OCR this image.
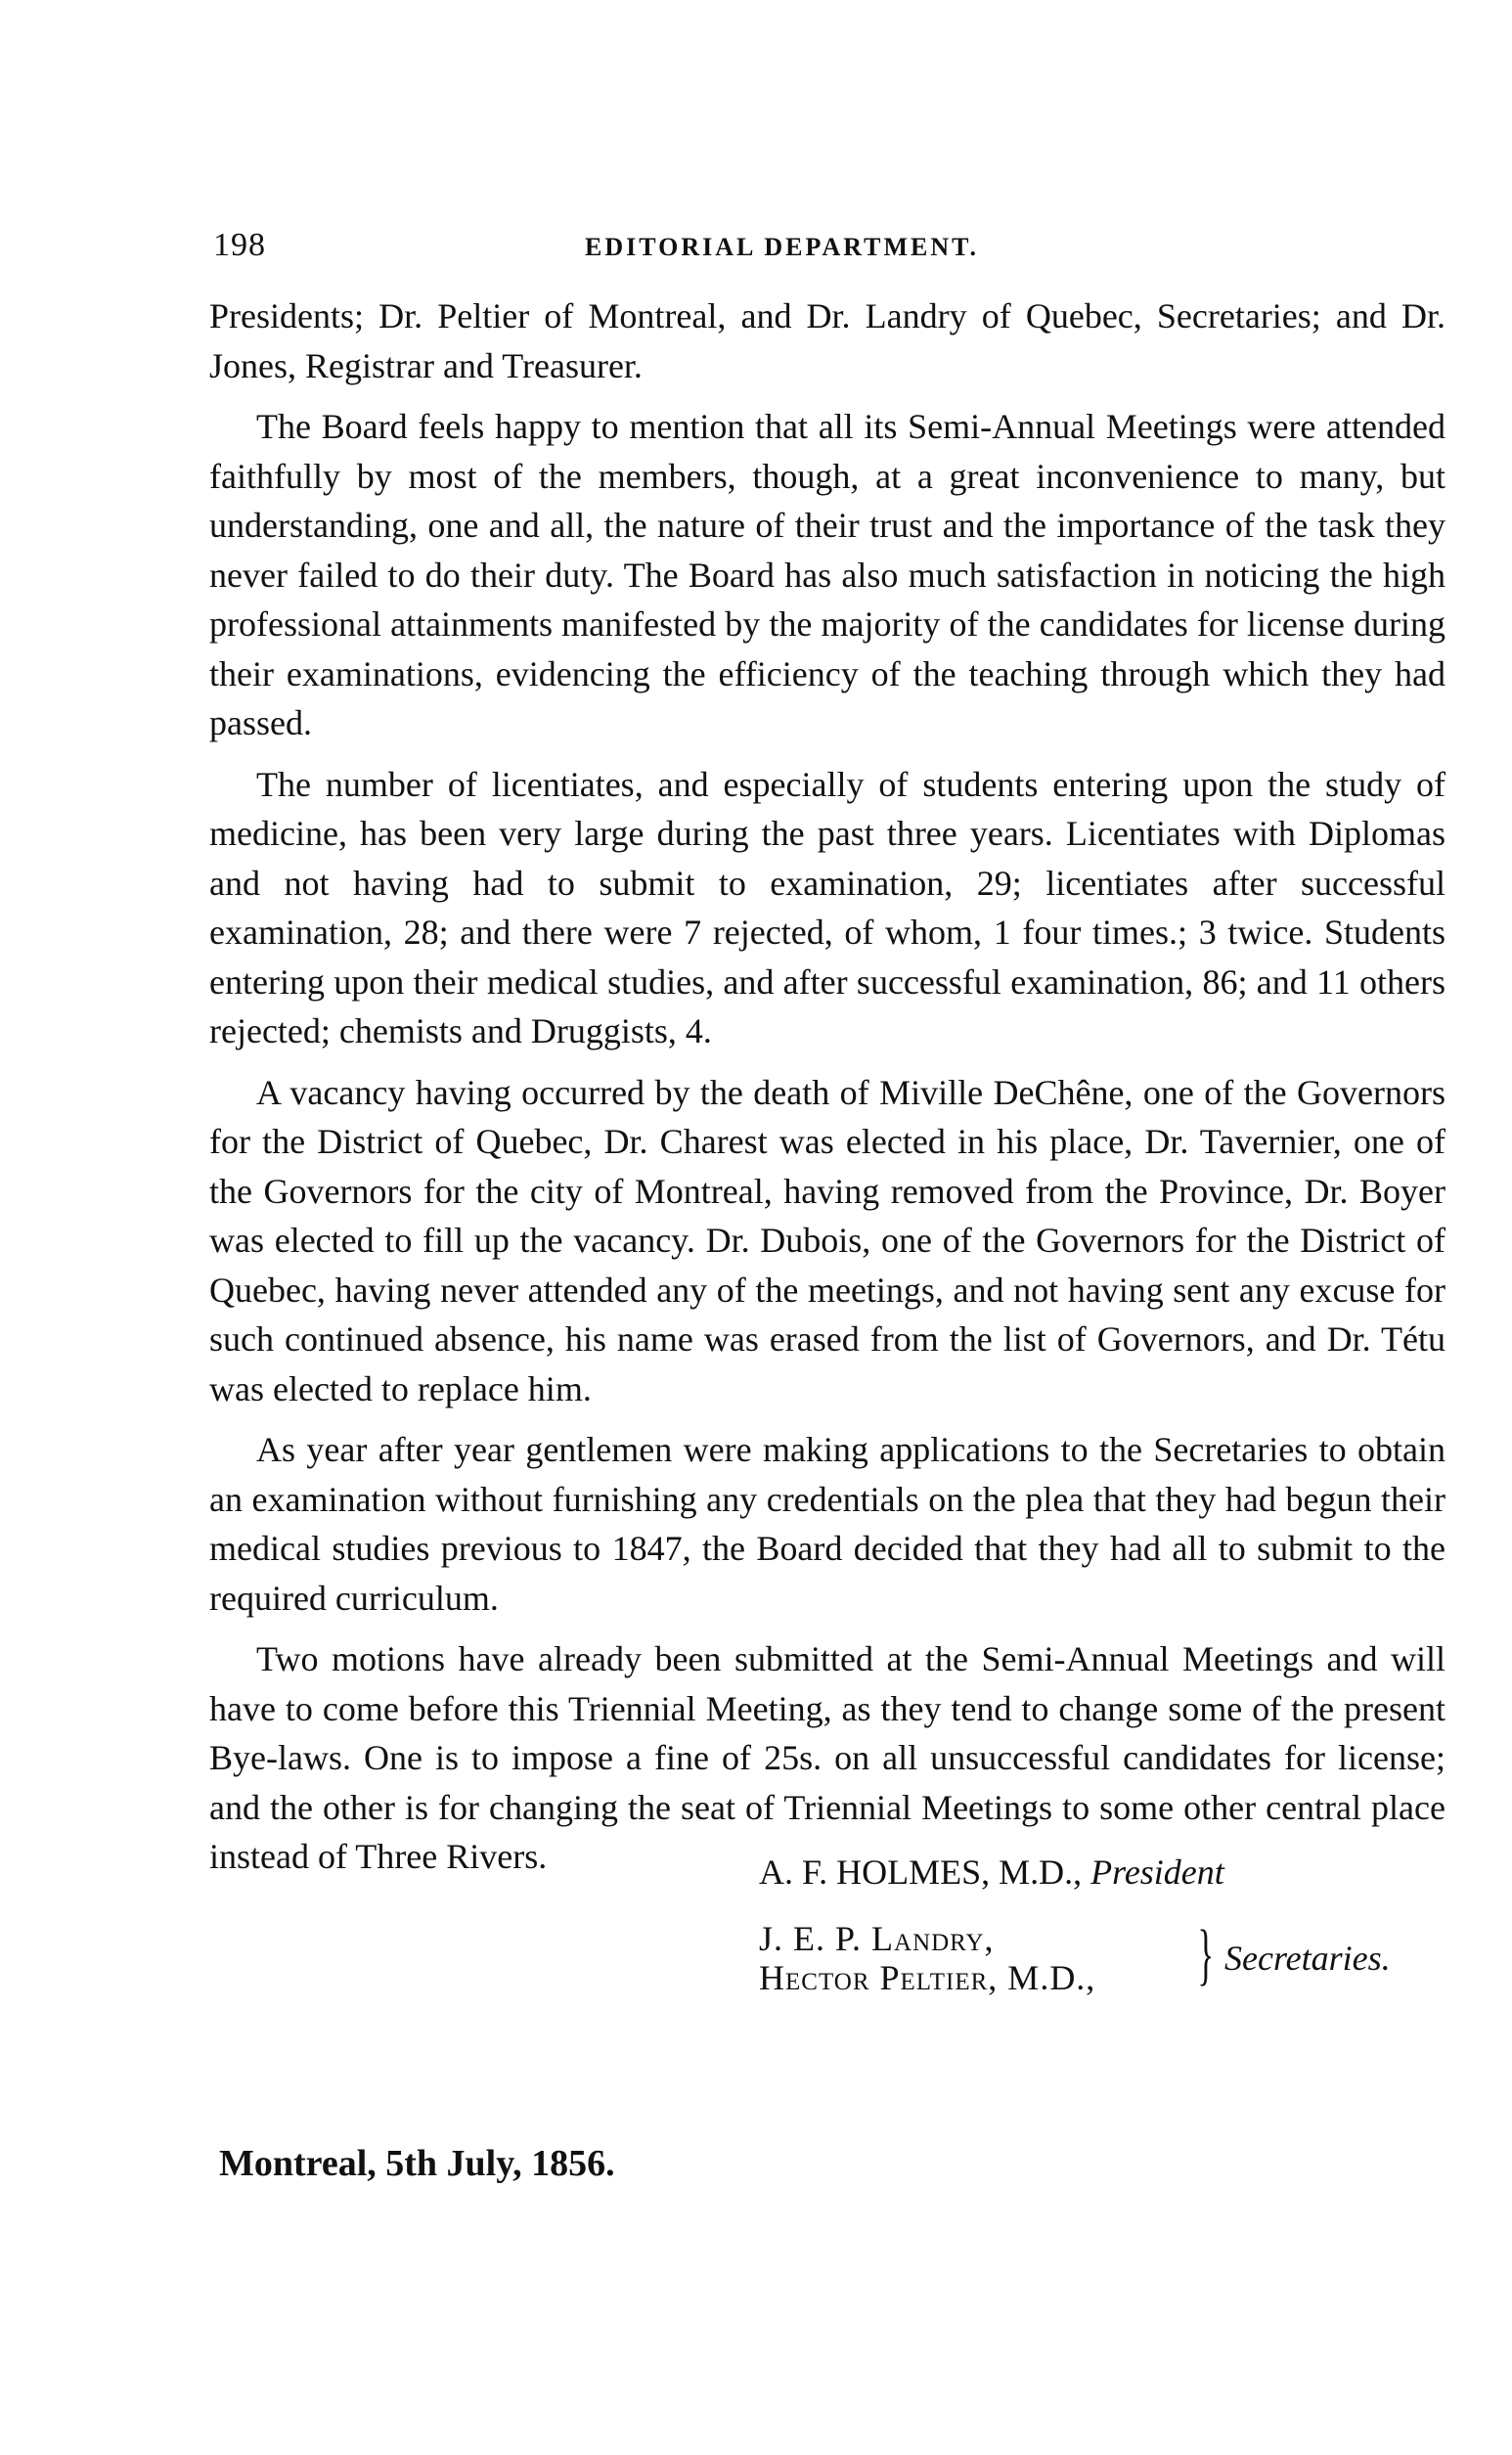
198	EDITORIAL DEPARTMENT.

Presidents; Dr. Peltier of Montreal, and Dr. Landry of Quebec, Secretaries; and Dr. Jones, Registrar and Treasurer.

The Board feels happy to mention that all its Semi-Annual Meetings were attended faithfully by most of the members, though, at a great inconvenience to many, but understanding, one and all, the nature of their trust and the importance of the task they never failed to do their duty. The Board has also much satisfaction in noticing the high professional attainments manifested by the majority of the candidates for license during their examinations, evidencing the efficiency of the teaching through which they had passed.

The number of licentiates, and especially of students entering upon the study of medicine, has been very large during the past three years. Licentiates with Diplomas and not having had to submit to examination, 29; licentiates after successful examination, 28; and there were 7 rejected, of whom, 1 four times.; 3 twice. Students entering upon their medical studies, and after successful examination, 86; and 11 others rejected; chemists and Druggists, 4.

A vacancy having occurred by the death of Miville DeChêne, one of the Governors for the District of Quebec, Dr. Charest was elected in his place, Dr. Tavernier, one of the Governors for the city of Montreal, having removed from the Province, Dr. Boyer was elected to fill up the vacancy. Dr. Dubois, one of the Governors for the District of Quebec, having never attended any of the meetings, and not having sent any excuse for such continued absence, his name was erased from the list of Governors, and Dr. Tétu was elected to replace him.

As year after year gentlemen were making applications to the Secretaries to obtain an examination without furnishing any credentials on the plea that they had begun their medical studies previous to 1847, the Board decided that they had all to submit to the required curriculum.

Two motions have already been submitted at the Semi-Annual Meetings and will have to come before this Triennial Meeting, as they tend to change some of the present Bye-laws. One is to impose a fine of 25s. on all unsuccessful candidates for license; and the other is for changing the seat of Triennial Meetings to some other central place instead of Three Rivers.	A. F. HOLMES, M.D., President
J. E. P. Landry,
Hector Peltier, M.D., } Secretaries.
Montreal, 5th July, 1856.
